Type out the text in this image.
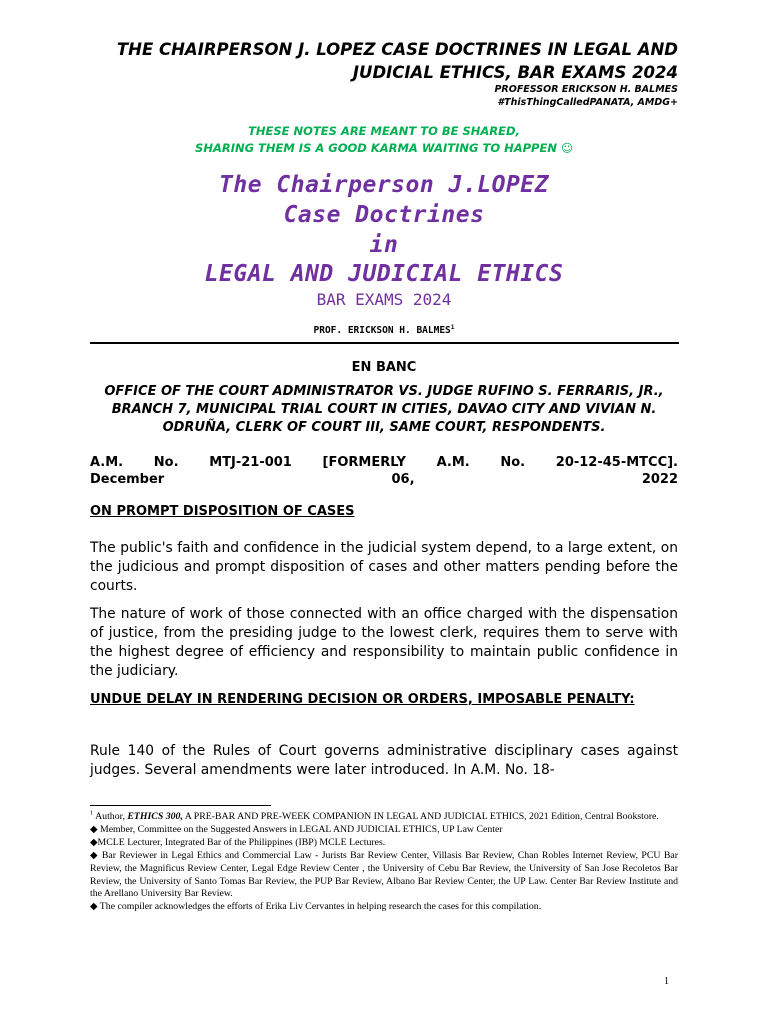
THE CHAIRPERSON J. LOPEZ CASE DOCTRINES IN LEGAL AND
JUDICIAL ETHICS, BAR EXAMS 2024
PROFESSOR ERICKSON H. BALMES
#ThisThingCalledPANATA, AMDG+
THESE NOTES ARE MEANT TO BE SHARED,
SHARING THEM IS A GOOD KARMA WAITING TO HAPPEN ☺
The Chairperson J.LOPEZ
Case Doctrines
in
LEGAL AND JUDICIAL ETHICS
BAR EXAMS 2024
PROF. ERICKSON H. BALMES$^1$
EN BANC
OFFICE OF THE COURT ADMINISTRATOR VS. JUDGE RUFINO S. FERRARIS, JR., BRANCH 7, MUNICIPAL TRIAL COURT IN CITIES, DAVAO CITY AND VIVIAN N. ODRUÑA, CLERK OF COURT III, SAME COURT, RESPONDENTS.
A.M. No. MTJ-21-001 [FORMERLY A.M. No. 20-12-45-MTCC].
December	06,	2022
ON PROMPT DISPOSITION OF CASES
The public's faith and confidence in the judicial system depend, to a large extent, on the judicious and prompt disposition of cases and other matters pending before the courts.
The nature of work of those connected with an office charged with the dispensation of justice, from the presiding judge to the lowest clerk, requires them to serve with the highest degree of efficiency and responsibility to maintain public confidence in the judiciary.
UNDUE DELAY IN RENDERING DECISION OR ORDERS, IMPOSABLE PENALTY:
Rule 140 of the Rules of Court governs administrative disciplinary cases against judges. Several amendments were later introduced. In A.M. No. 18-

$^1$ Author, ETHICS 300, A PRE-BAR AND PRE-WEEK COMPANION IN LEGAL AND JUDICIAL ETHICS, 2021 Edition, Central Bookstore.

◆ Member, Committee on the Suggested Answers in LEGAL AND JUDICIAL ETHICS, UP Law Center

◆MCLE Lecturer, Integrated Bar of the Philippines (IBP) MCLE Lectures.

◆ Bar Reviewer in Legal Ethics and Commercial Law - Jurists Bar Review Center, Villasis Bar Review, Chan Robles Internet Review, PCU Bar Review, the Magnificus Review Center, Legal Edge Review Center , the University of Cebu Bar Review, the University of San Jose Recoletos Bar Review, the University of Santo Tomas Bar Review, the PUP Bar Review, Albano Bar Review Center, the UP Law. Center Bar Review Institute and the Arellano University Bar Review.

◆ The compiler acknowledges the efforts of Erika Liv Cervantes in helping research the cases for this compilation.

1
